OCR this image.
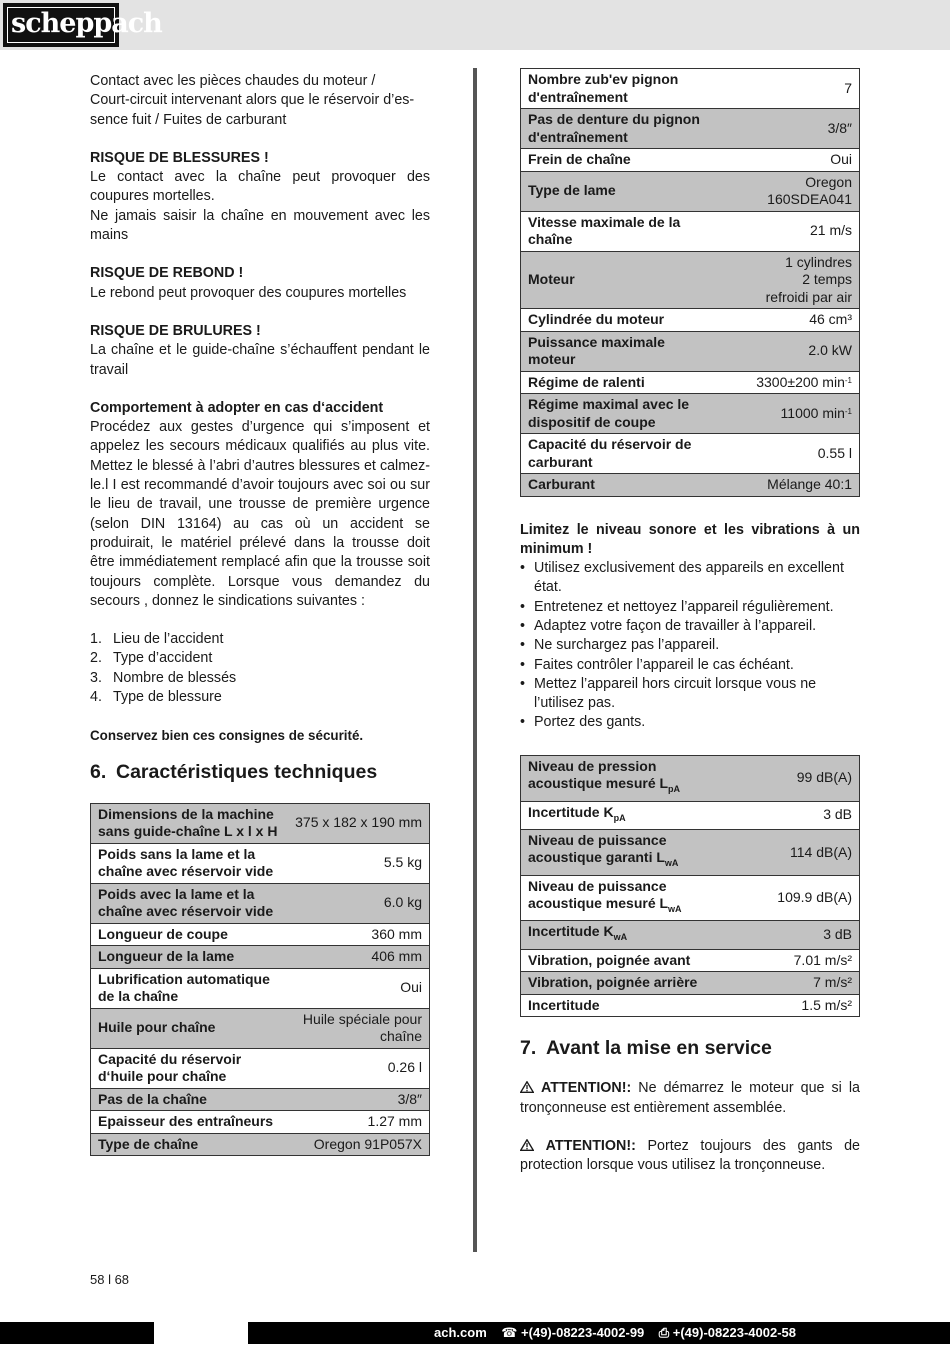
scheppach

Contact avec les pièces chaudes du moteur /

Court-circuit intervenant alors que le réservoir d’es-

sence fuit / Fuites de carburant

RISQUE DE BLESSURES !

Le contact avec la chaîne peut provoquer des coupures mortelles.

Ne jamais saisir la chaîne en mouvement avec les mains

RISQUE DE REBOND !

Le rebond peut provoquer des coupures mortelles

RISQUE DE BRULURES !

La chaîne et le guide-chaîne s’échauffent pendant le travail

Comportement à adopter en cas d‘accident

Procédez aux gestes d’urgence qui s’imposent et appelez les secours médicaux qualifiés au plus vite. Mettez le blessé à l’abri d’autres blessures et calmez-le.l I est recommandé d’avoir toujours avec soi ou sur le lieu de travail, une trousse de première urgence (selon DIN 13164) au cas où un accident se produirait, le matériel prélevé dans la trousse doit être immédiatement remplacé afin que la trousse soit toujours complète. Lorsque vous demandez du secours , donnez le sindications suivantes :

1. Lieu de l’accident
2. Type d’accident
3. Nombre de blessés
4. Type de blessure

Conservez bien ces consignes de sécurité.

6. Caractéristiques techniques
Dimensions de la machine sans guide-chaîne L x l x H	375 x 182 x 190 mm
Poids sans la lame et la chaîne avec réservoir vide	5.5 kg
Poids avec la lame et la chaîne avec réservoir vide	6.0 kg
Longueur de coupe	360 mm
Longueur de la lame	406 mm
Lubrification automatique de la chaîne	Oui
Huile pour chaîne	Huile spéciale pour chaîne
Capacité du réservoir d‘huile pour chaîne	0.26 l
Pas de la chaîne	3/8″
Epaisseur des entraîneurs	1.27 mm
Type de chaîne	Oregon 91P057X
Nombre zub'ev pignon d'entraînement	7
Pas de denture du pignon d'entraînement	3/8″
Frein de chaîne	Oui
Type de lame	Oregon 160SDEA041
Vitesse maximale de la chaîne	21 m/s
Moteur	1 cylindres
2 temps
refroidi par air
Cylindrée du moteur	46 cm³
Puissance maximale moteur	2.0 kW
Régime de ralenti	3300±200 $\min^{-1}$
Régime maximal avec le dispositif de coupe	11000 $\min^{-1}$
Capacité du réservoir de carburant	0.55 l
Carburant	Mélange 40:1

Limitez le niveau sonore et les vibrations à un minimum !

• Utilisez exclusivement des appareils en excellent état.
• Entretenez et nettoyez l’appareil régulièrement.
• Adaptez votre façon de travailler à l’appareil.
• Ne surchargez pas l’appareil.
• Faites contrôler l’appareil le cas échéant.
• Mettez l’appareil hors circuit lorsque vous ne l’utilisez pas.
• Portez des gants.
Niveau de pression acoustique mesuré $L_{pA}$	99 dB(A)
Incertitude $K_{pA}$	3 dB
Niveau de puissance acoustique garanti $L_{wA}$	114 dB(A)
Niveau de puissance acoustique mesuré $L_{wA}$	109.9 dB(A)
Incertitude $K_{wA}$	3 dB
Vibration, poignée avant	7.01 m/s²
Vibration, poignée arrière	7 m/s²
Incertitude	1.5 m/s²
7. Avant la mise en service

ATTENTION!: Ne démarrez le moteur que si la tronçonneuse est entièrement assemblée.

ATTENTION!: Portez toujours des gants de protection lorsque vous utilisez la tronçonneuse.

58 l 68
ach.com ☎ +(49)-08223-4002-99 ⎙ +(49)-08223-4002-58
